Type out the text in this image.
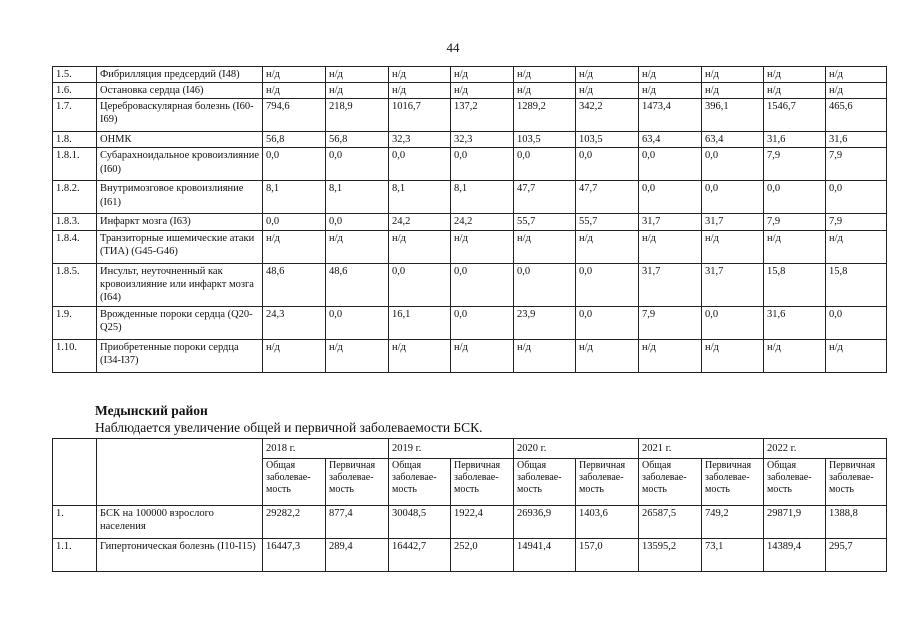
44
1.5.	Фибрилляция предсердий (I48)	н/д	н/д	н/д	н/д	н/д	н/д	н/д	н/д	н/д	н/д
1.6.	Остановка сердца (I46)	н/д	н/д	н/д	н/д	н/д	н/д	н/д	н/д	н/д	н/д
1.7.	Цереброваскулярная болезнь (I60-I69)	794,6	218,9	1016,7	137,2	1289,2	342,2	1473,4	396,1	1546,7	465,6
1.8.	ОНМК	56,8	56,8	32,3	32,3	103,5	103,5	63,4	63,4	31,6	31,6
1.8.1.	Субарахноидальное кровоизлияние (I60)	0,0	0,0	0,0	0,0	0,0	0,0	0,0	0,0	7,9	7,9
1.8.2.	Внутримозговое кровоизлияние (I61)	8,1	8,1	8,1	8,1	47,7	47,7	0,0	0,0	0,0	0,0
1.8.3.	Инфаркт мозга (I63)	0,0	0,0	24,2	24,2	55,7	55,7	31,7	31,7	7,9	7,9
1.8.4.	Транзиторные ишемические атаки (ТИА) (G45-G46)	н/д	н/д	н/д	н/д	н/д	н/д	н/д	н/д	н/д	н/д
1.8.5.	Инсульт, неуточненный как кровоизлияние или инфаркт мозга (I64)	48,6	48,6	0,0	0,0	0,0	0,0	31,7	31,7	15,8	15,8
1.9.	Врожденные пороки сердца (Q20-Q25)	24,3	0,0	16,1	0,0	23,9	0,0	7,9	0,0	31,6	0,0
1.10.	Приобретенные пороки сердца (I34-I37)	н/д	н/д	н/д	н/д	н/д	н/д	н/д	н/д	н/д	н/д
Медынский район
Наблюдается увеличение общей и первичной заболеваемости БСК.
		2018 г.		2019 г.		2020 г.		2021 г.		2022 г.	
		Общая заболевае-мость	Первичная заболевае-мость	Общая заболевае-мость	Первичная заболевае-мость	Общая заболевае-мость	Первичная заболевае-мость	Общая заболевае-мость	Первичная заболевае-мость	Общая заболевае-мость	Первичная заболевае-мость
1.	БСК на 100000 взрослого населения	29282,2	877,4	30048,5	1922,4	26936,9	1403,6	26587,5	749,2	29871,9	1388,8
1.1.	Гипертоническая болезнь (I10-I15)	16447,3	289,4	16442,7	252,0	14941,4	157,0	13595,2	73,1	14389,4	295,7
